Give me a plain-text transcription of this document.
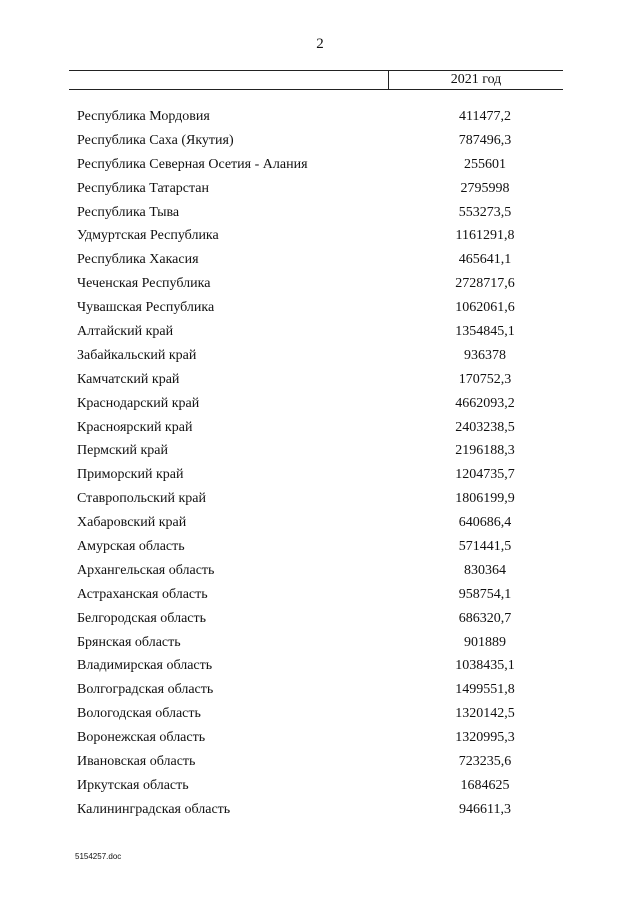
2
2021 год
Республика Мордовия	411477,2
Республика Саха (Якутия)	787496,3
Республика Северная Осетия - Алания	255601
Республика Татарстан	2795998
Республика Тыва	553273,5
Удмуртская Республика	1161291,8
Республика Хакасия	465641,1
Чеченская Республика	2728717,6
Чувашская Республика	1062061,6
Алтайский край	1354845,1
Забайкальский край	936378
Камчатский край	170752,3
Краснодарский край	4662093,2
Красноярский край	2403238,5
Пермский край	2196188,3
Приморский край	1204735,7
Ставропольский край	1806199,9
Хабаровский край	640686,4
Амурская область	571441,5
Архангельская область	830364
Астраханская область	958754,1
Белгородская область	686320,7
Брянская область	901889
Владимирская область	1038435,1
Волгоградская область	1499551,8
Вологодская область	1320142,5
Воронежская область	1320995,3
Ивановская область	723235,6
Иркутская область	1684625
Калининградская область	946611,3
5154257.doc
